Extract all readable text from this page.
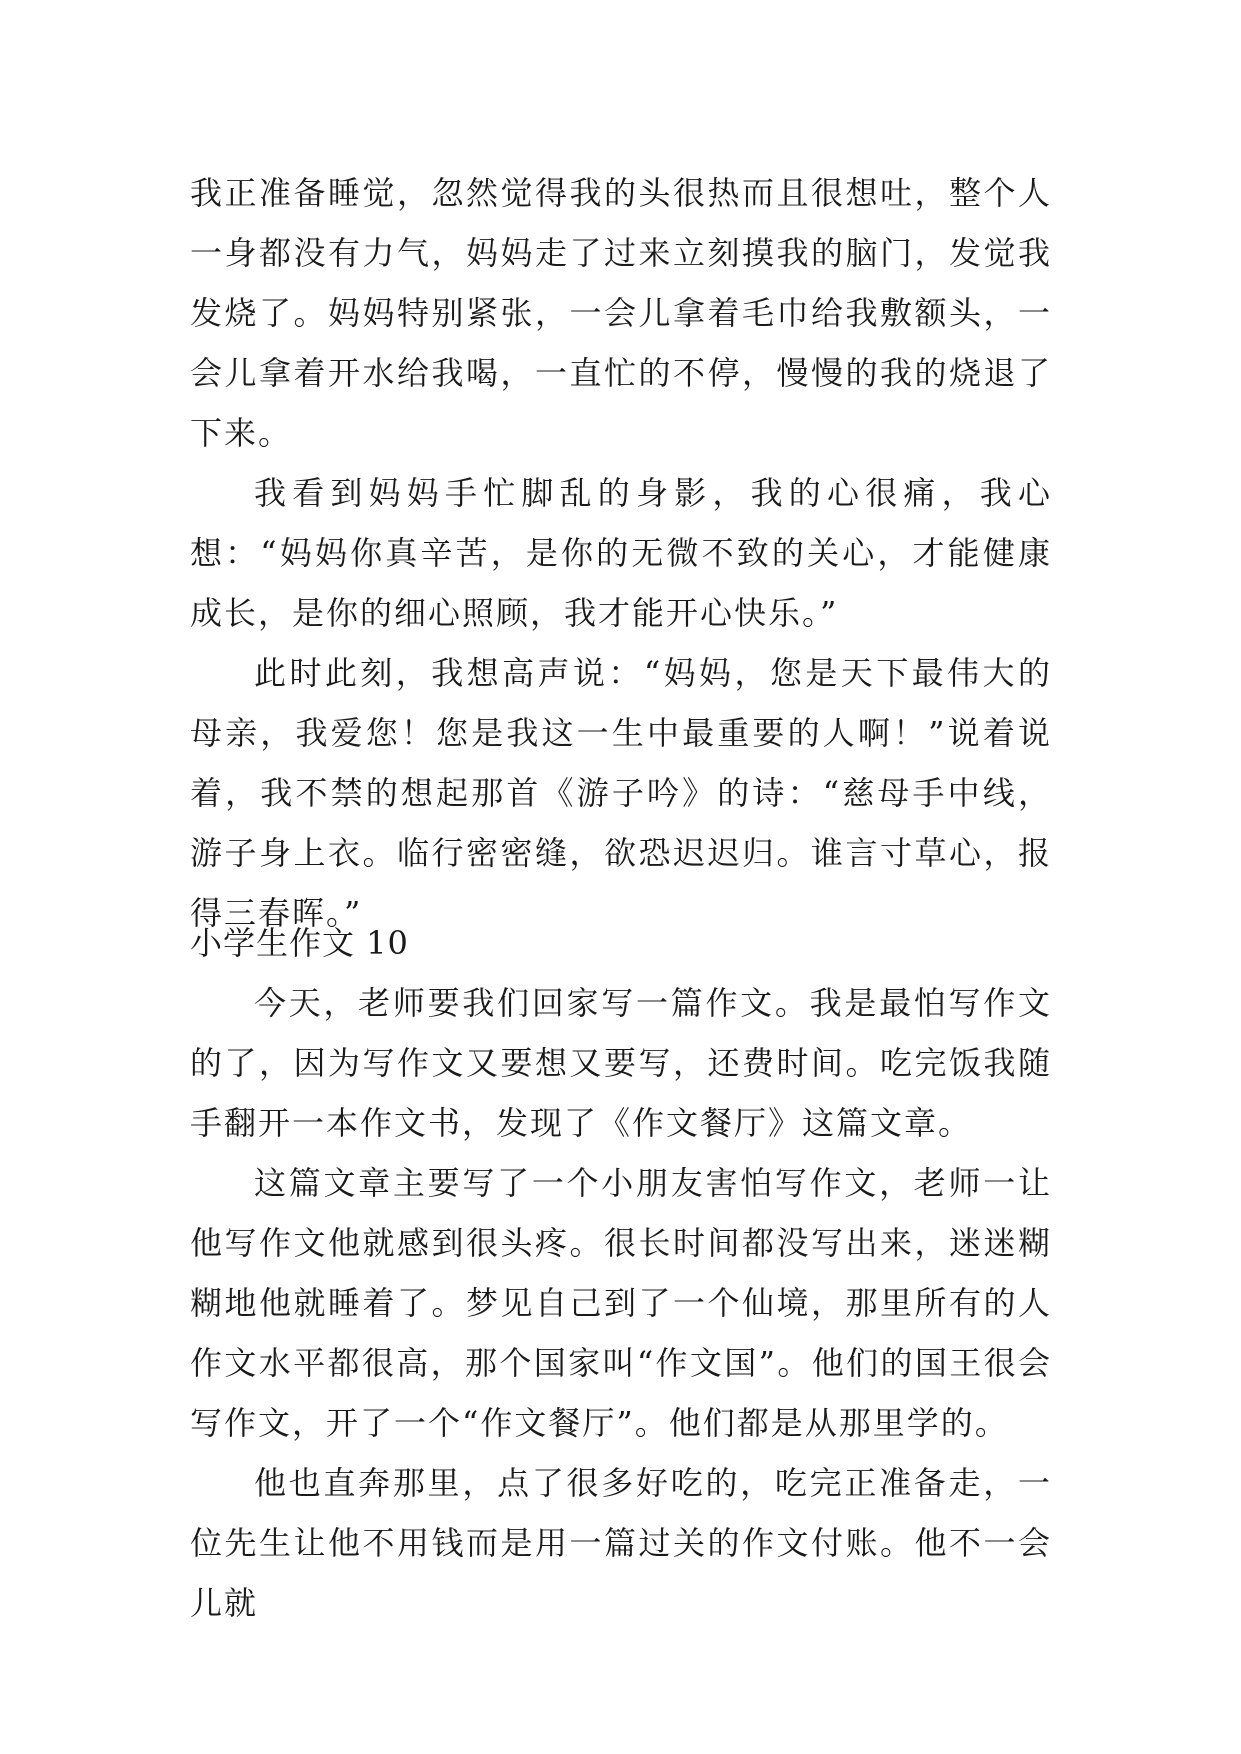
我正准备睡觉，忽然觉得我的头很热而且很想吐，整个人一身都没有力气，妈妈走了过来立刻摸我的脑门，发觉我发烧了。妈妈特别紧张，一会儿拿着毛巾给我敷额头，一会儿拿着开水给我喝，一直忙的不停，慢慢的我的烧退了下来。

我看到妈妈手忙脚乱的身影，我的心很痛，我心想：“妈妈你真辛苦，是你的无微不致的关心，才能健康成长，是你的细心照顾，我才能开心快乐。”

此时此刻，我想高声说：“妈妈，您是天下最伟大的母亲，我爱您！您是我这一生中最重要的人啊！”说着说着，我不禁的想起那首《游子吟》的诗：“慈母手中线，游子身上衣。临行密密缝，欲恐迟迟归。谁言寸草心，报得三春晖。”

小学生作文 10

今天，老师要我们回家写一篇作文。我是最怕写作文的了，因为写作文又要想又要写，还费时间。吃完饭我随手翻开一本作文书，发现了《作文餐厅》这篇文章。

这篇文章主要写了一个小朋友害怕写作文，老师一让他写作文他就感到很头疼。很长时间都没写出来，迷迷糊糊地他就睡着了。梦见自己到了一个仙境，那里所有的人作文水平都很高，那个国家叫“作文国”。他们的国王很会写作文，开了一个“作文餐厅”。他们都是从那里学的。

他也直奔那里，点了很多好吃的，吃完正准备走，一位先生让他不用钱而是用一篇过关的作文付账。他不一会儿就
